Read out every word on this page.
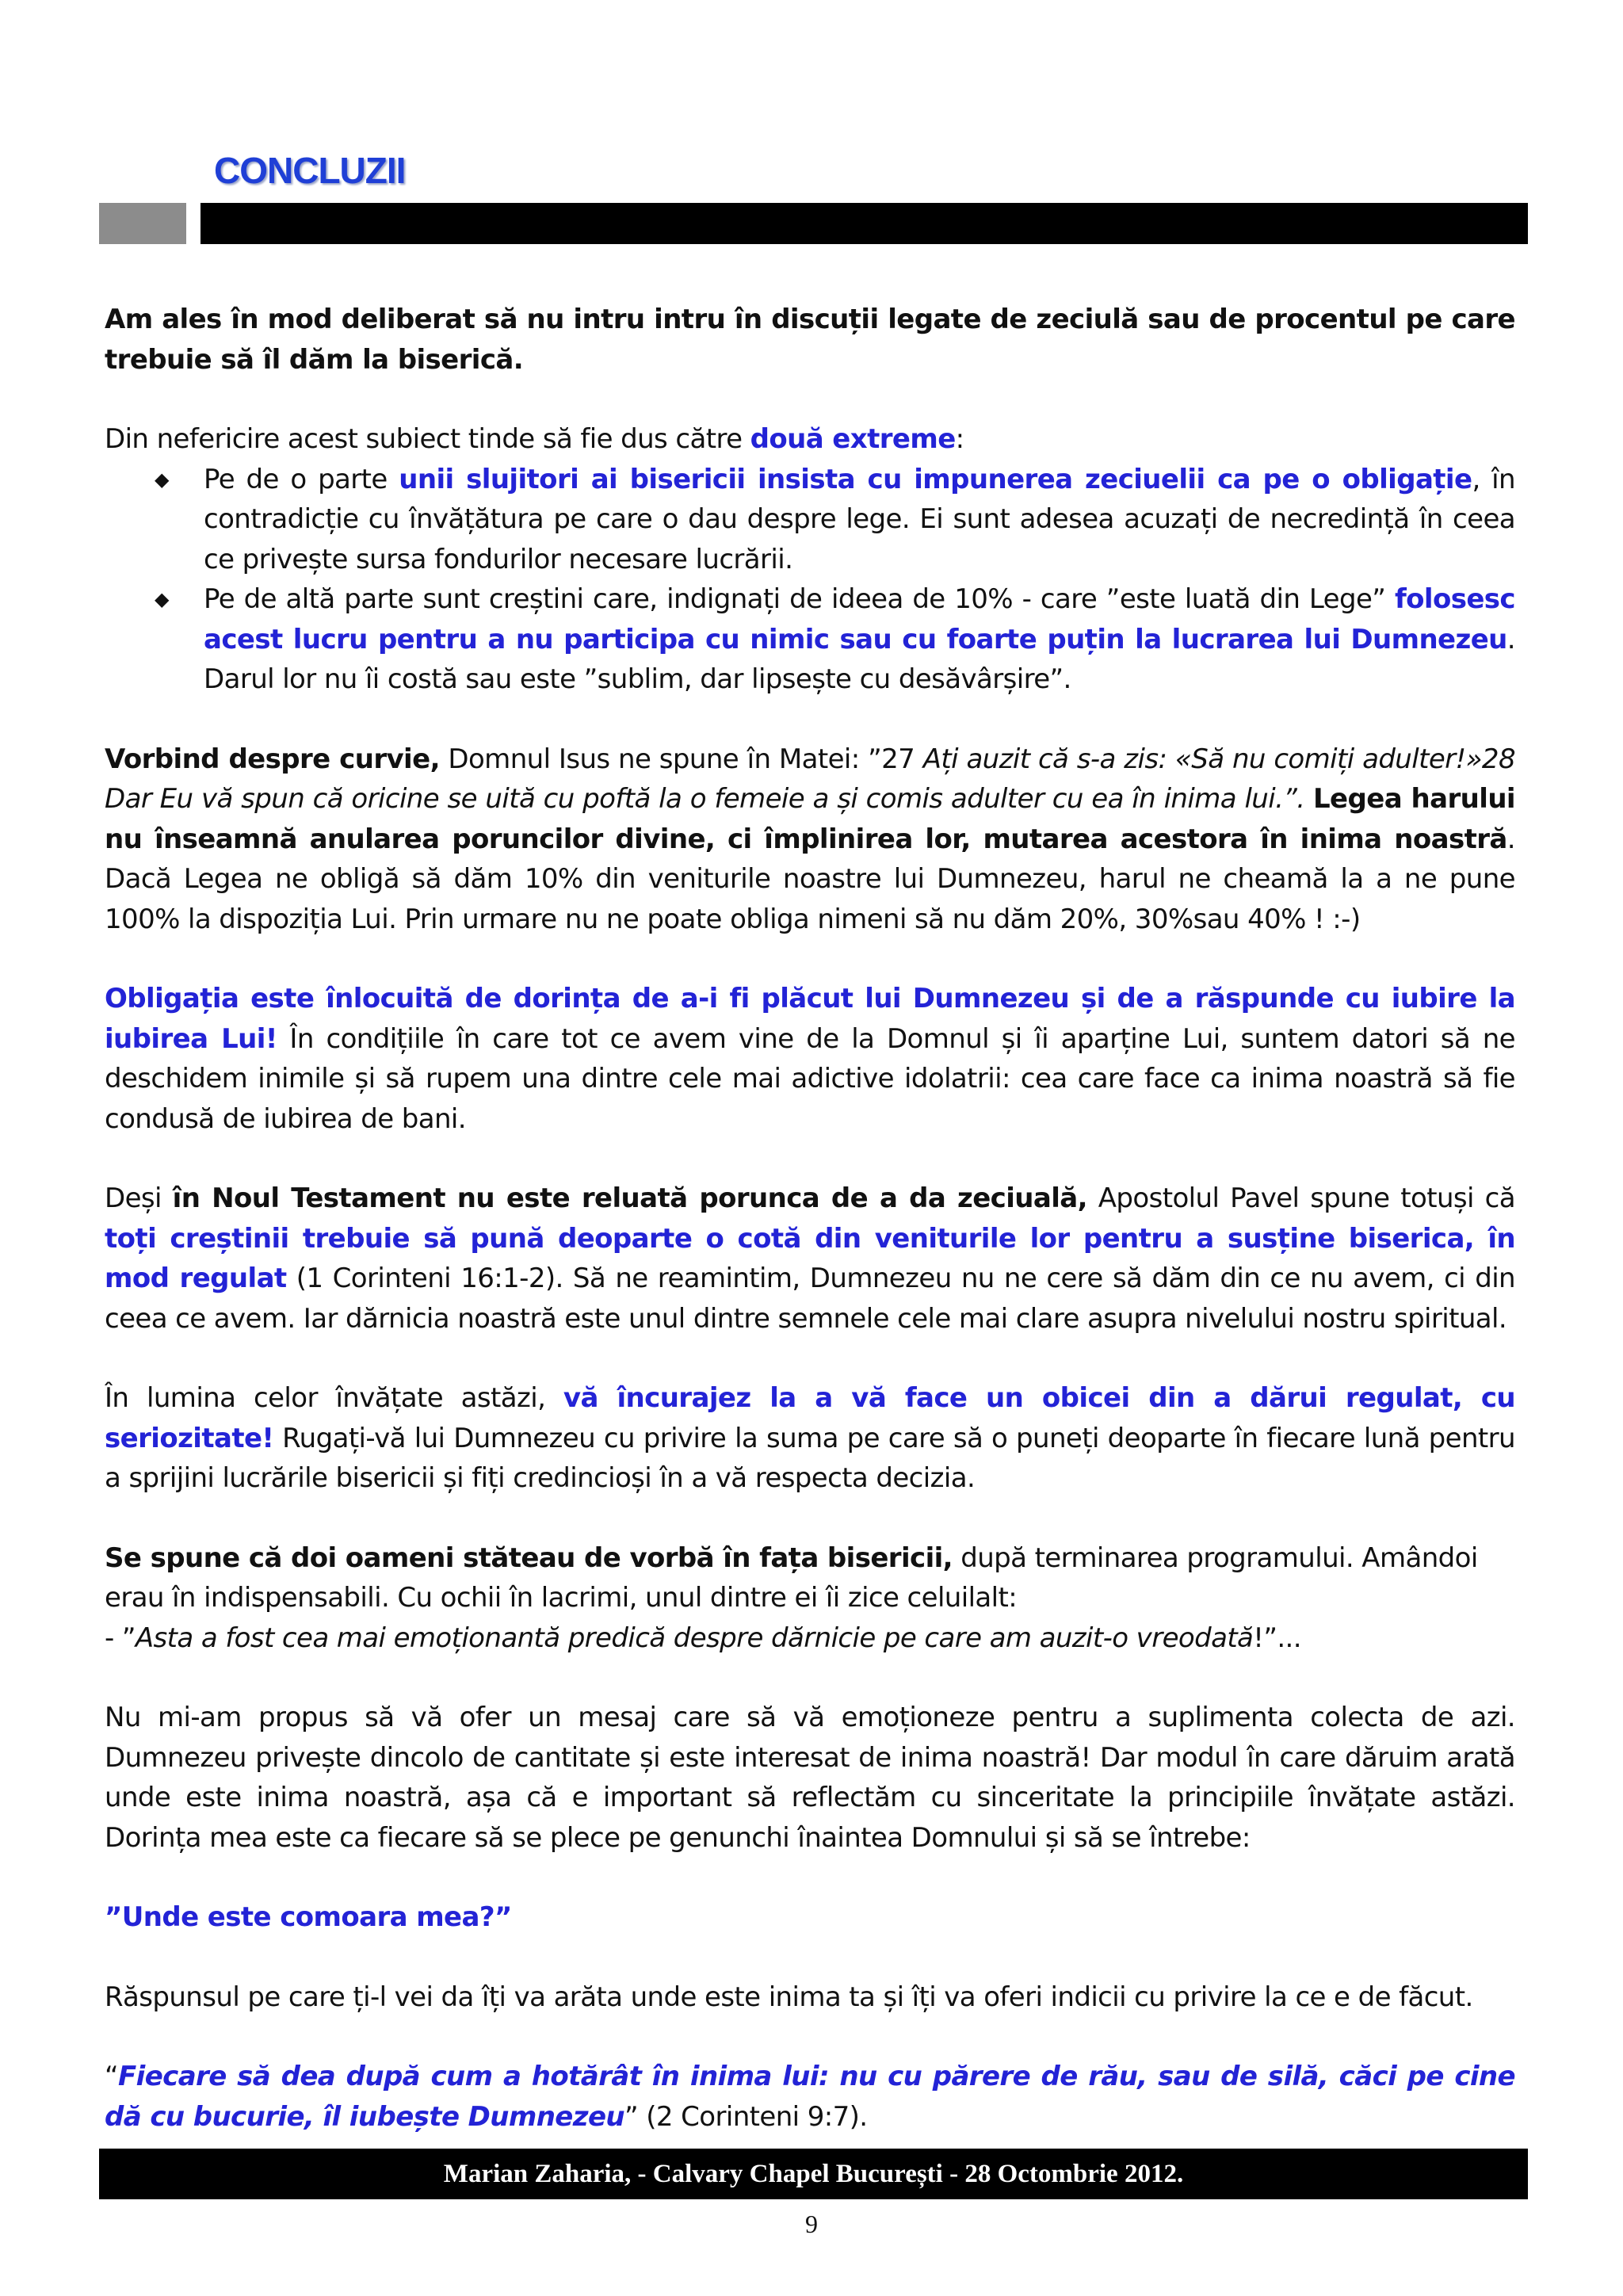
CONCLUZII

Am ales în mod deliberat să nu intru intru în discuții legate de zeciulă sau de procentul pe care trebuie să îl dăm la biserică.

Din nefericire acest subiect tinde să fie dus către două extreme:

◆ Pe de o parte unii slujitori ai bisericii insista cu impunerea zeciuelii ca pe o obligație, în contradicție cu învățătura pe care o dau despre lege. Ei sunt adesea acuzați de necredință în ceea ce privește sursa fondurilor necesare lucrării.
◆ Pe de altă parte sunt creștini care, indignați de ideea de 10% - care ”este luată din Lege” folosesc acest lucru pentru a nu participa cu nimic sau cu foarte puțin la lucrarea lui Dumnezeu. Darul lor nu îi costă sau este ”sublim, dar lipsește cu desăvârșire”.

Vorbind despre curvie, Domnul Isus ne spune în Matei: ”27 Ați auzit că s-a zis: «Să nu comiți adulter!»28 Dar Eu vă spun că oricine se uită cu poftă la o femeie a și comis adulter cu ea în inima lui.”. Legea harului nu înseamnă anularea poruncilor divine, ci împlinirea lor, mutarea acestora în inima noastră. Dacă Legea ne obligă să dăm 10% din veniturile noastre lui Dumnezeu, harul ne cheamă la a ne pune 100% la dispoziția Lui. Prin urmare nu ne poate obliga nimeni să nu dăm 20%, 30%sau 40% ! :-)

Obligația este înlocuită de dorința de a-i fi plăcut lui Dumnezeu și de a răspunde cu iubire la iubirea Lui! În condițiile în care tot ce avem vine de la Domnul și îi aparține Lui, suntem datori să ne deschidem inimile și să rupem una dintre cele mai adictive idolatrii: cea care face ca inima noastră să fie condusă de iubirea de bani.

Deși în Noul Testament nu este reluată porunca de a da zeciuală, Apostolul Pavel spune totuși că toți creștinii trebuie să pună deoparte o cotă din veniturile lor pentru a susține biserica, în mod regulat (1 Corinteni 16:1-2). Să ne reamintim, Dumnezeu nu ne cere să dăm din ce nu avem, ci din ceea ce avem. Iar dărnicia noastră este unul dintre semnele cele mai clare asupra nivelului nostru spiritual.

În lumina celor învățate astăzi, vă încurajez la a vă face un obicei din a dărui regulat, cu seriozitate! Rugați-vă lui Dumnezeu cu privire la suma pe care să o puneți deoparte în fiecare lună pentru a sprijini lucrările bisericii și fiți credincioși în a vă respecta decizia.

Se spune că doi oameni stăteau de vorbă în fața bisericii, după terminarea programului. Amândoi erau în indispensabili. Cu ochii în lacrimi, unul dintre ei îi zice celuilalt:
- ”Asta a fost cea mai emoționantă predică despre dărnicie pe care am auzit-o vreodată!”...

Nu mi-am propus să vă ofer un mesaj care să vă emoționeze pentru a suplimenta colecta de azi. Dumnezeu privește dincolo de cantitate și este interesat de inima noastră! Dar modul în care dăruim arată unde este inima noastră, așa că e important să reflectăm cu sinceritate la principiile învățate astăzi. Dorința mea este ca fiecare să se plece pe genunchi înaintea Domnului și să se întrebe:

”Unde este comoara mea?”

Răspunsul pe care ți-l vei da îți va arăta unde este inima ta și îți va oferi indicii cu privire la ce e de făcut.

“Fiecare să dea după cum a hotărât în inima lui: nu cu părere de rău, sau de silă, căci pe cine dă cu bucurie, îl iubește Dumnezeu” (2 Corinteni 9:7).

Marian Zaharia, - Calvary Chapel București - 28 Octombrie 2012.
9
